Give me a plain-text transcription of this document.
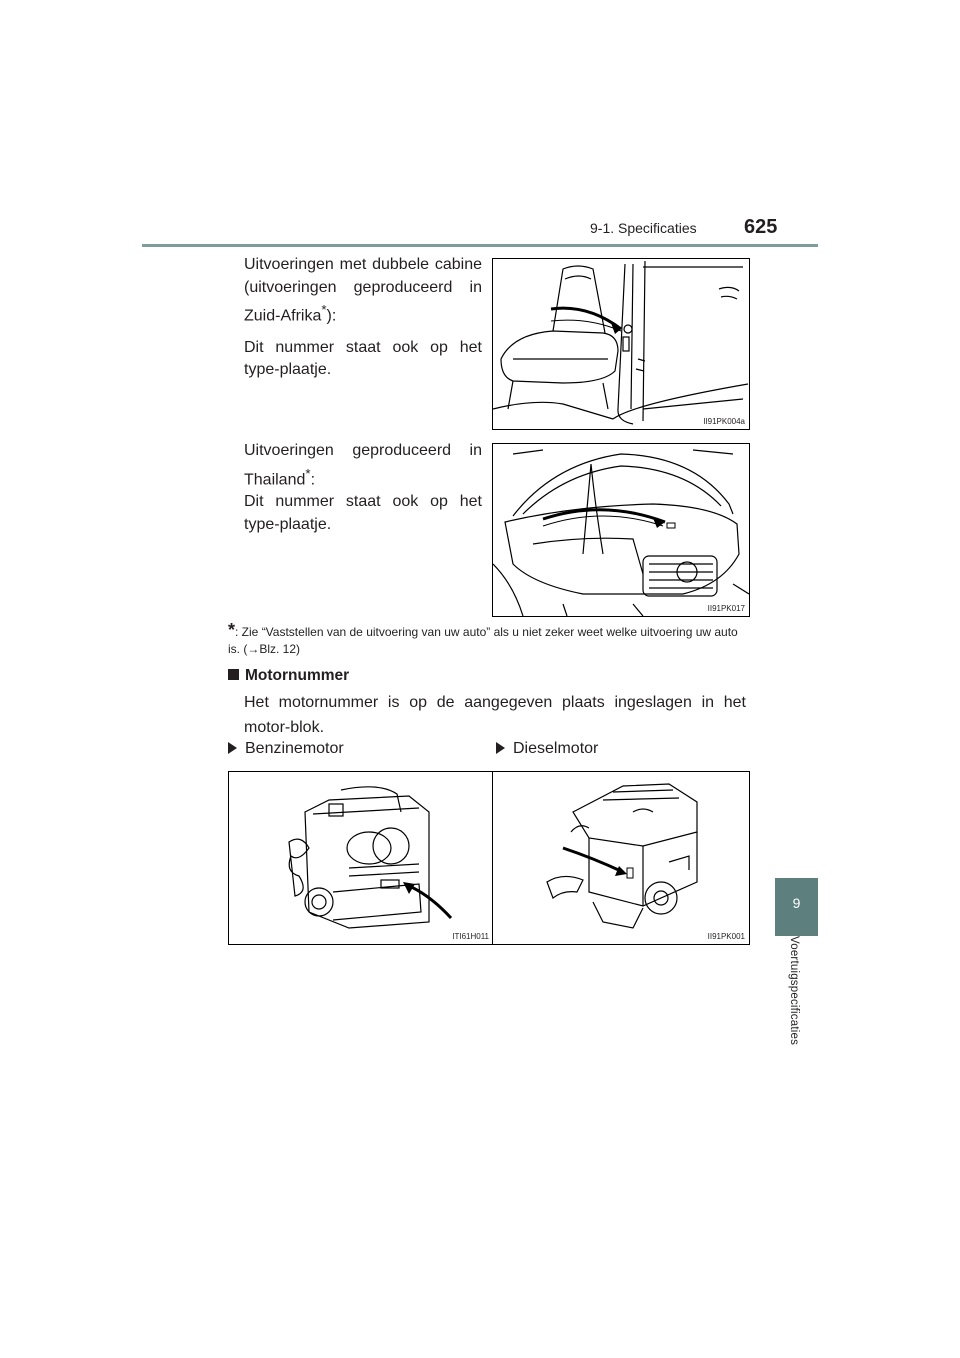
9-1. Specificaties 625

Uitvoeringen met dubbele cabine (uitvoeringen geproduceerd in Zuid-Afrika*):

Dit nummer staat ook op het type-plaatje.

II91PK004a

Uitvoeringen geproduceerd in Thailand*:

Dit nummer staat ook op het type-plaatje.

II91PK017
*: Zie “Vaststellen van de uitvoering van uw auto” als u niet zeker weet welke uitvoering uw auto is. (→Blz. 12)
Motornummer
Het motornummer is op de aangegeven plaats ingeslagen in het motor-blok.
Benzinemotor	Dieselmotor
ITI61H011	II91PK001
9
Voertuigspecificaties
